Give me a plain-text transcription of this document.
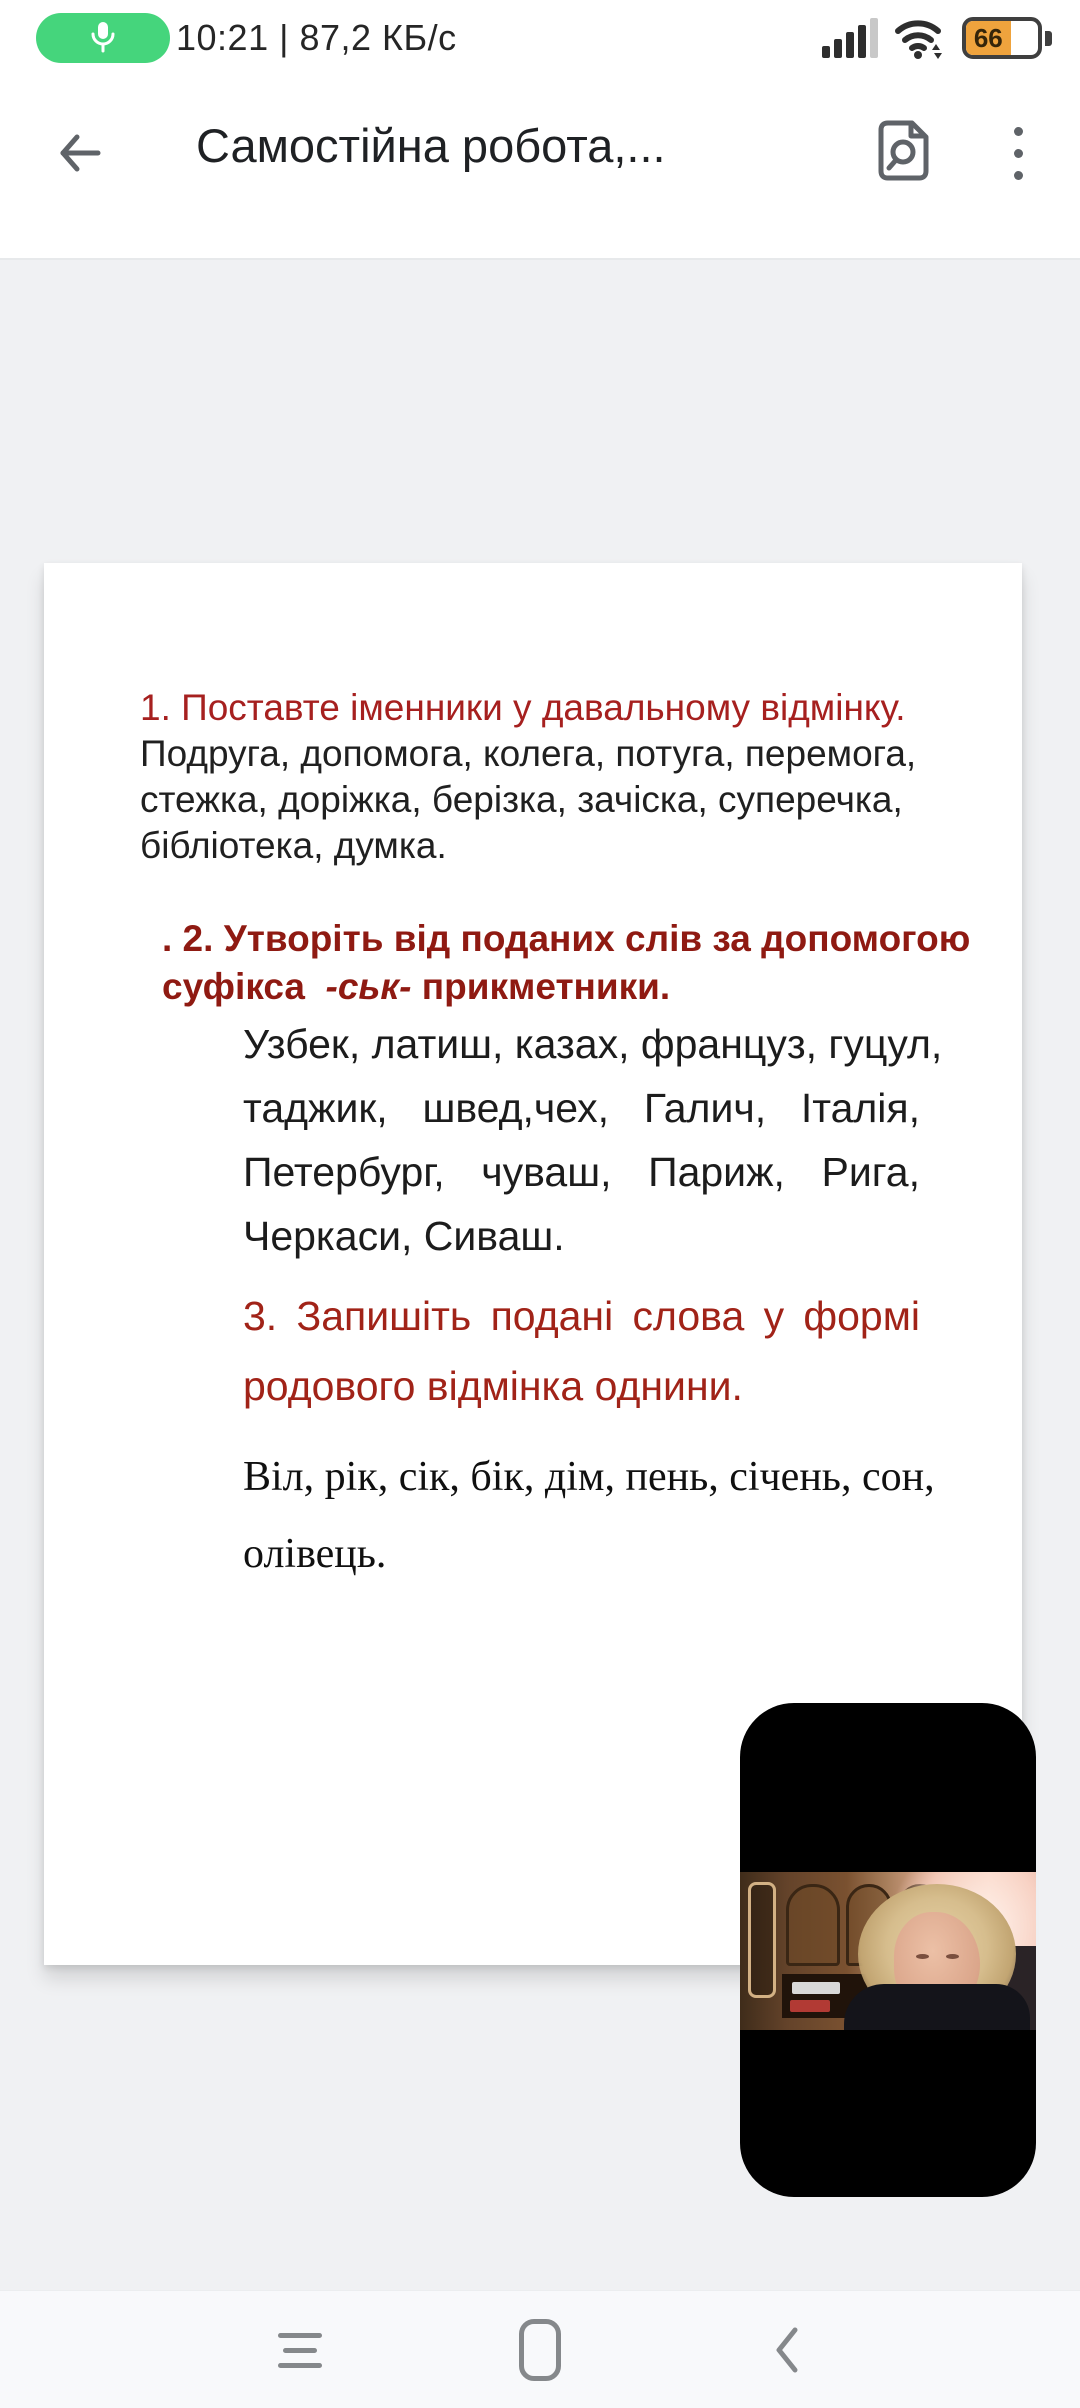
10:21 | 87,2 КБ/с	66
Самостійна робота,...
1. Поставте іменники у давальному відмінку.
Подруга, допомога, колега, потуга, перемога,
стежка, доріжка, берізка, зачіска, суперечка,
бібліотека, думка.
. 2. Утворіть від поданих слів за допомогою
суфікса  -ськ- прикметники.
Узбек, латиш, казах, француз, гуцул,
таджик, швед,чех, Галич, Італія,
Петербург, чуваш, Париж, Рига,
Черкаси, Сиваш.
3. Запишіть подані слова у формі
родового відмінка однини.
Віл, рік, сік, бік, дім, пень, січень, сон,
олівець.
